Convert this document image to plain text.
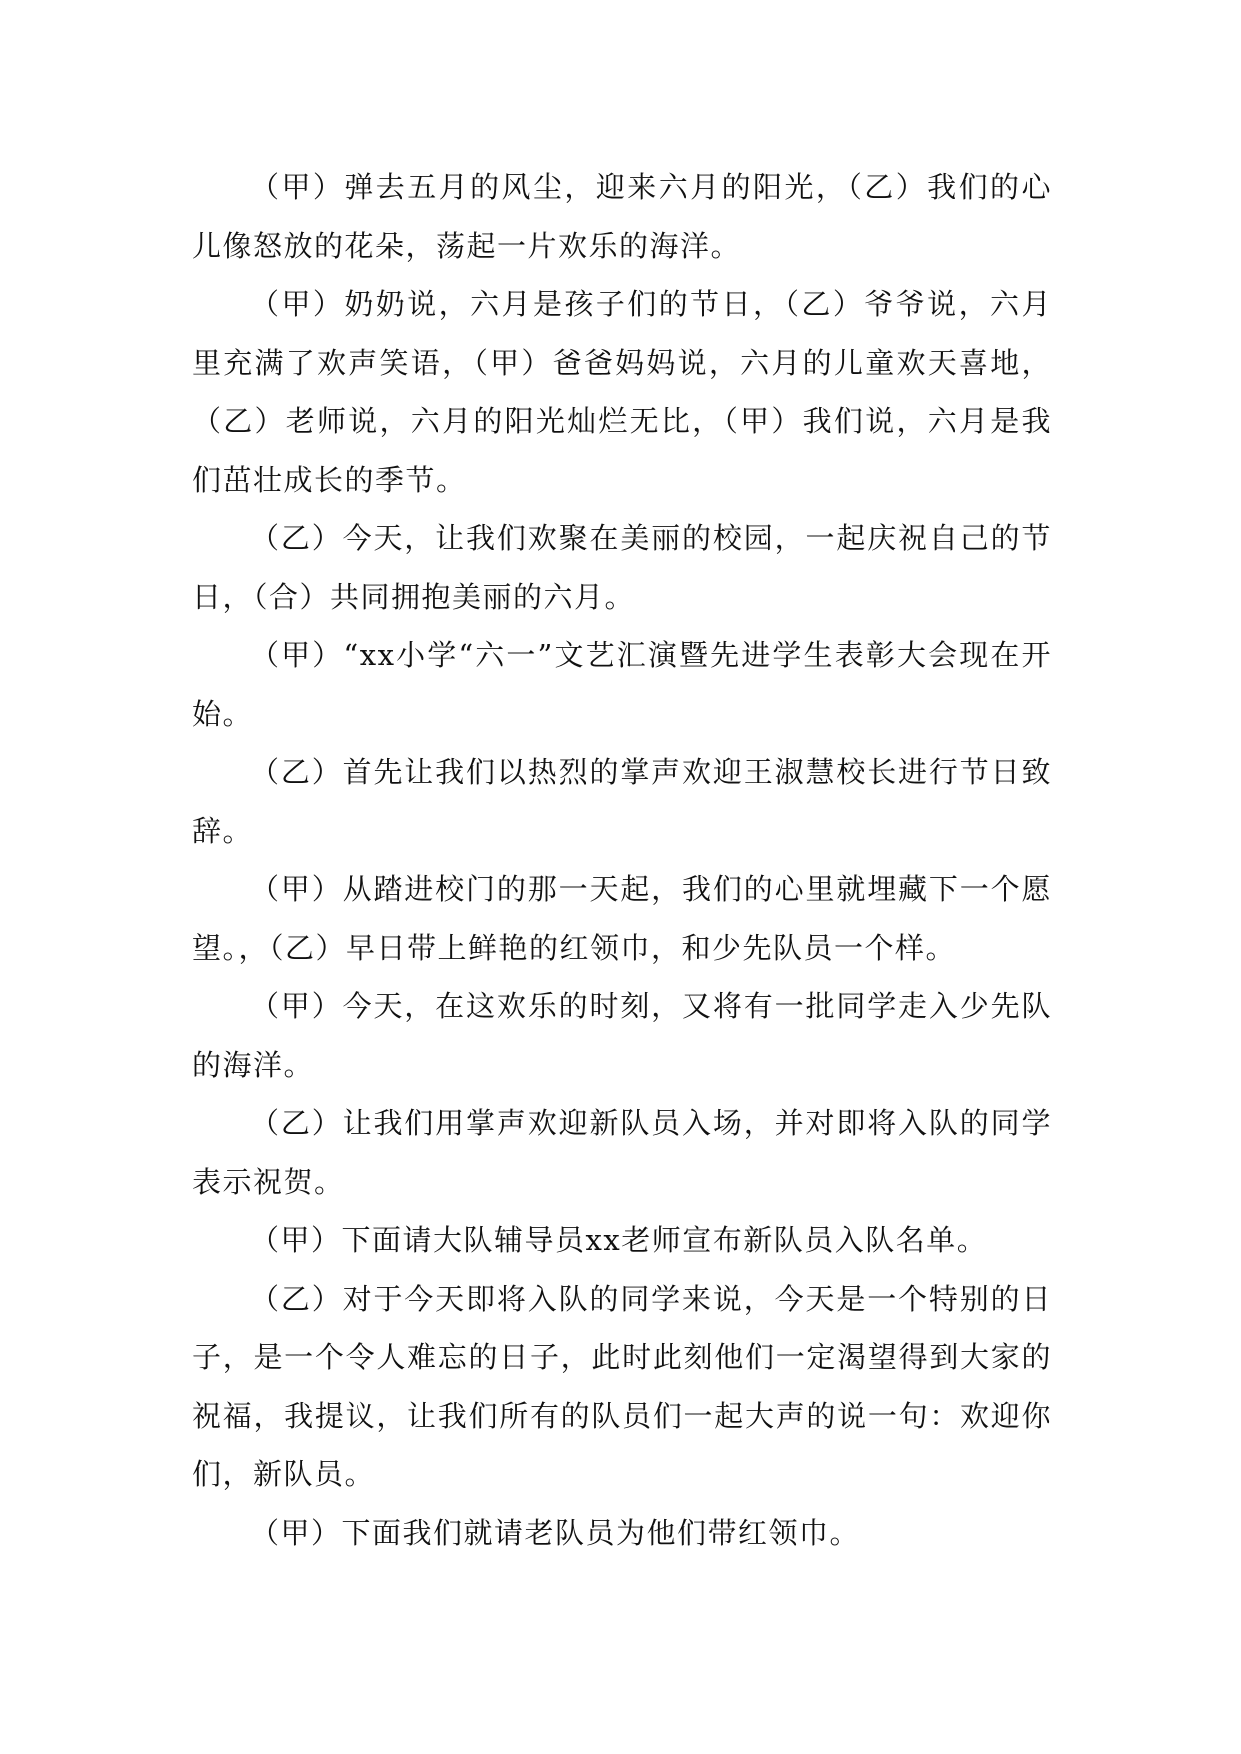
（甲）弹去五月的风尘，迎来六月的阳光，（乙）我们的心儿像怒放的花朵，荡起一片欢乐的海洋。

（甲）奶奶说，六月是孩子们的节日，（乙）爷爷说，六月里充满了欢声笑语，（甲）爸爸妈妈说，六月的儿童欢天喜地，（乙）老师说，六月的阳光灿烂无比，（甲）我们说，六月是我们茁壮成长的季节。

（乙）今天，让我们欢聚在美丽的校园，一起庆祝自己的节日，（合）共同拥抱美丽的六月。

（甲）“xx小学“六一”文艺汇演暨先进学生表彰大会现在开始。

（乙）首先让我们以热烈的掌声欢迎王淑慧校长进行节日致辞。

（甲）从踏进校门的那一天起，我们的心里就埋藏下一个愿望。，（乙）早日带上鲜艳的红领巾，和少先队员一个样。

（甲）今天，在这欢乐的时刻，又将有一批同学走入少先队的海洋。

（乙）让我们用掌声欢迎新队员入场，并对即将入队的同学表示祝贺。

（甲）下面请大队辅导员xx老师宣布新队员入队名单。

（乙）对于今天即将入队的同学来说，今天是一个特别的日子，是一个令人难忘的日子，此时此刻他们一定渴望得到大家的祝福，我提议，让我们所有的队员们一起大声的说一句：欢迎你们，新队员。

（甲）下面我们就请老队员为他们带红领巾。
